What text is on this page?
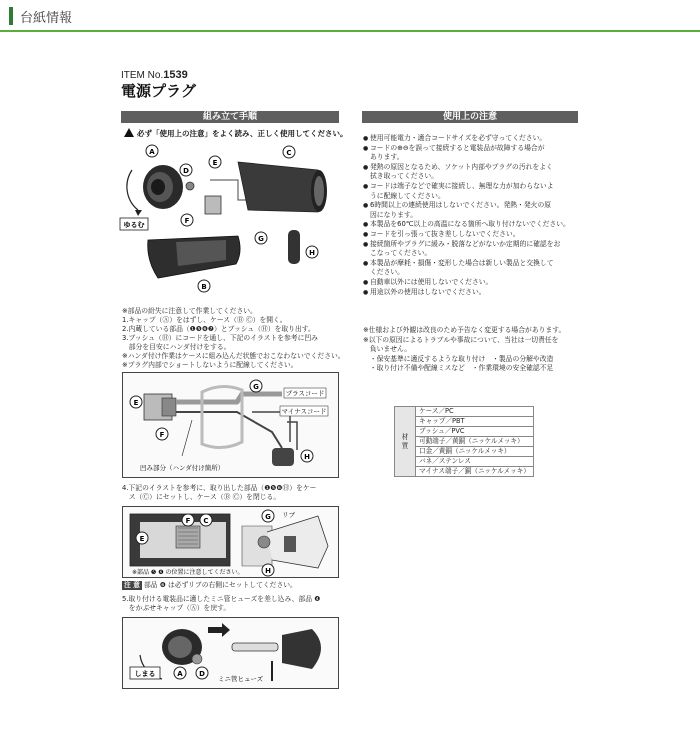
台紙情報
ITEM No.1539
電源プラグ
組み立て手順
必ず「使用上の注意」をよく読み、正しく使用してください。
A
D
E
F
G
C
H
B
ゆるむ
※部品の紛失に注意して作業してください。
1.キャップ（Ⓐ）をはずし、ケース（Ⓑ Ⓒ）を開く。
2.内蔵している部品（❶❺❻❼）とブッシュ（Ⓗ）を取り出す。
3.ブッシュ（Ⓗ）にコードを通し、下記のイラストを参考に凹み
　部分を目安にハンダ付けをする。
※ハンダ付け作業はケースに組み込んだ状態でおこなわないでください。
※プラグ内部でショートしないように配線してください。
E
F
G
H
プラスコード
マイナスコード
凹み部分（ハンダ付け箇所）
4.下記のイラストを参考に、取り出した部品（❶❺❻Ⓗ）をケー
　ス（Ⓒ）にセットし、ケース（Ⓑ Ⓒ）を閉じる。
C
E
F	G
H
リブ
※部品 ❺ ❻ の位置に注意してください。
注 意 部品 ❻ は必ずリブの右側にセットしてください。
5.取り付ける電装品に適したミニ管ヒューズを差し込み、部品 ❹
　をかぶせキャップ（Ⓐ）を戻す。
A D
しまる
ミニ管ヒューズ
使用上の注意
● 使用可能電力・適合コードサイズを必ず守ってください。
● コードの⊕⊖を誤って接続すると電装品が故障する場合が
あります。
● 発熱の原因となるため、ソケット内部やプラグの汚れをよく
拭き取ってください。
● コードは端子などで確実に接続し、無理な力が加わらないよ
うに配線してください。
● 6時間以上の連続使用はしないでください。発熱・発火の原
因になります。
● 本製品を60℃以上の高温になる箇所へ取り付けないでください。
● コードを引っ張って抜き差ししないでください。
● 接続箇所やプラグに緩み・脱落などがないか定期的に確認をお
こなってください。
● 本製品が摩耗・損傷・変形した場合は新しい製品と交換して
ください。
● 自動車以外には使用しないでください。
● 用途以外の使用はしないでください。
※仕様および外観は改良のため予告なく変更する場合があります。
※以下の原因によるトラブルや事故について、当社は一切責任を
　負いません。
　・保安基準に適反するような取り付け　・製品の分解や改造
　・取り付け不備や配線ミスなど　・作業環境の安全確認不足
材 質	ケース／PC
キャップ／PBT
ブッシュ／PVC
可動端子／黄銅（ニッケルメッキ）
口金／黄銅（ニッケルメッキ）
バネ／ステンレス
マイナス端子／銅（ニッケルメッキ）
